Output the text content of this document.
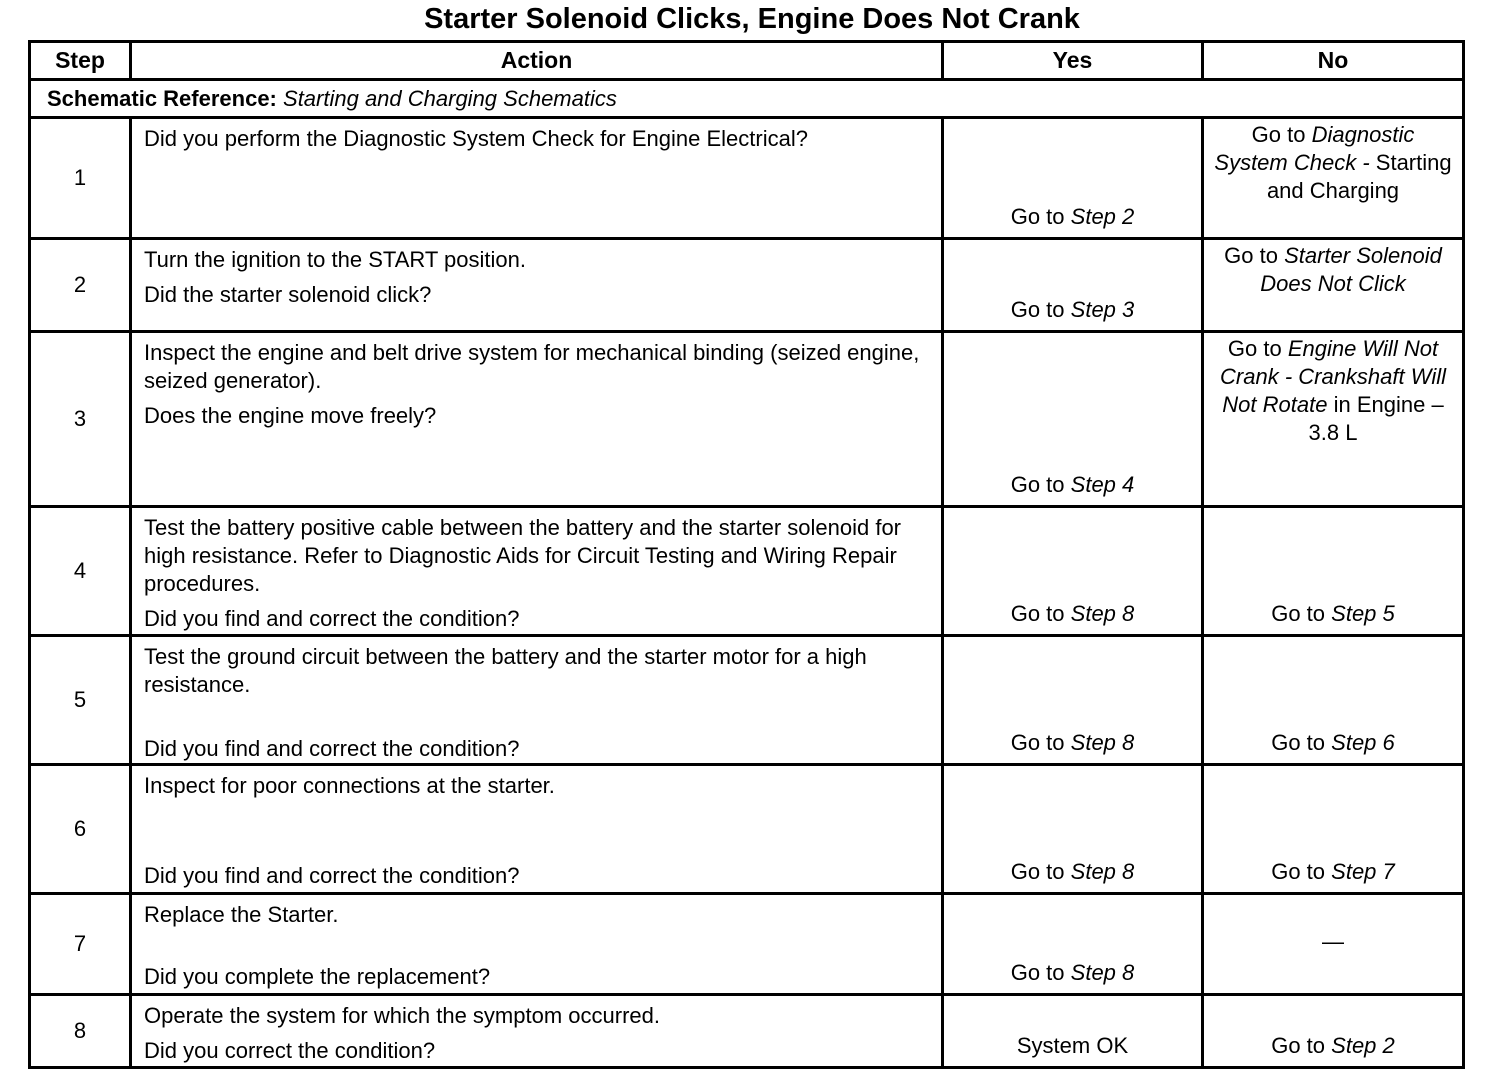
Starter Solenoid Clicks, Engine Does Not Crank
Step	Action	Yes	No
Schematic Reference: Starting and Charging Schematics			
1	Did you perform the Diagnostic System Check for Engine Electrical?	Go to Step 2	Go to Diagnostic System Check - Starting and Charging
2	Turn the ignition to the START position.
Did the starter solenoid click?	Go to Step 3	Go to Starter Solenoid Does Not Click
3	Inspect the engine and belt drive system for mechanical binding (seized engine, seized generator).
Does the engine move freely?	Go to Step 4	Go to Engine Will Not Crank - Crankshaft Will Not Rotate in Engine – 3.8 L
4	Test the battery positive cable between the battery and the starter solenoid for high resistance. Refer to Diagnostic Aids for Circuit Testing and Wiring Repair procedures.
Did you find and correct the condition?	Go to Step 8	Go to Step 5
5	Test the ground circuit between the battery and the starter motor for a high resistance.
Did you find and correct the condition?	Go to Step 8	Go to Step 6
6	Inspect for poor connections at the starter.
Did you find and correct the condition?	Go to Step 8	Go to Step 7
7	Replace the Starter.
Did you complete the replacement?	Go to Step 8	—
8	Operate the system for which the symptom occurred.
Did you correct the condition?	System OK	Go to Step 2
